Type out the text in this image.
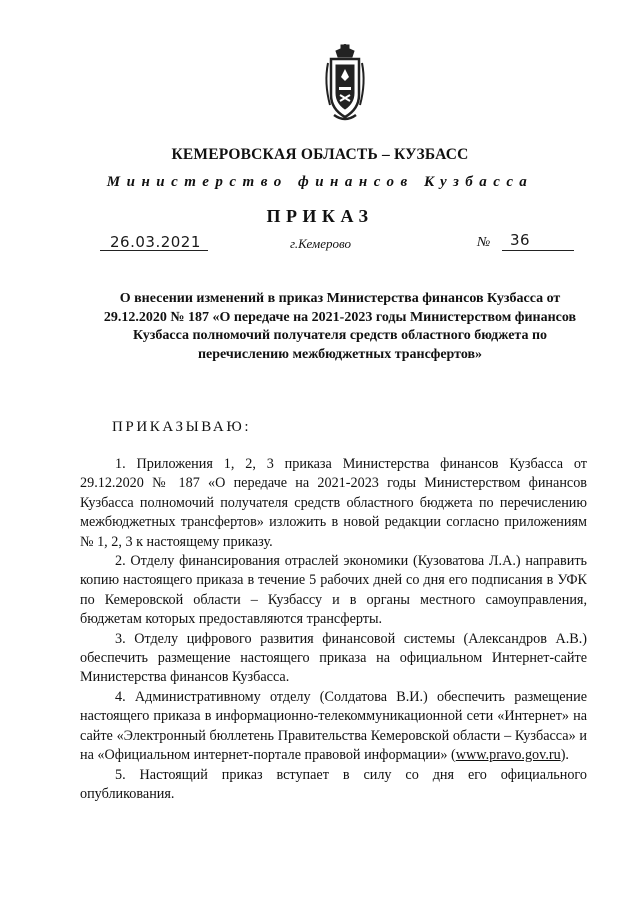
КЕМЕРОВСКАЯ ОБЛАСТЬ – КУЗБАСС
Министерство финансов Кузбасса
ПРИКАЗ
26.03.2021	г.Кемерово	№ 36
О внесении изменений в приказ Министерства финансов Кузбасса от 29.12.2020 № 187 «О передаче на 2021-2023 годы Министерством финансов Кузбасса полномочий получателя средств областного бюджета по перечислению межбюджетных трансфертов»
ПРИКАЗЫВАЮ:

1. Приложения 1, 2, 3 приказа Министерства финансов Кузбасса от 29.12.2020 № 187 «О передаче на 2021-2023 годы Министерством финансов Кузбасса полномочий получателя средств областного бюджета по перечислению межбюджетных трансфертов» изложить в новой редакции согласно приложениям № 1, 2, 3 к настоящему приказу.

2. Отделу финансирования отраслей экономики (Кузоватова Л.А.) направить копию настоящего приказа в течение 5 рабочих дней со дня его подписания в УФК по Кемеровской области – Кузбассу и в органы местного самоуправления, бюджетам которых предоставляются трансферты.

3. Отделу цифрового развития финансовой системы (Александров А.В.) обеспечить размещение настоящего приказа на официальном Интернет-сайте Министерства финансов Кузбасса.

4. Административному отделу (Солдатова В.И.) обеспечить размещение настоящего приказа в информационно-телекоммуникационной сети «Интернет» на сайте «Электронный бюллетень Правительства Кемеровской области – Кузбасса» и на «Официальном интернет-портале правовой информации» (www.pravo.gov.ru).

5. Настоящий приказ вступает в силу со дня его официального опубликования.
